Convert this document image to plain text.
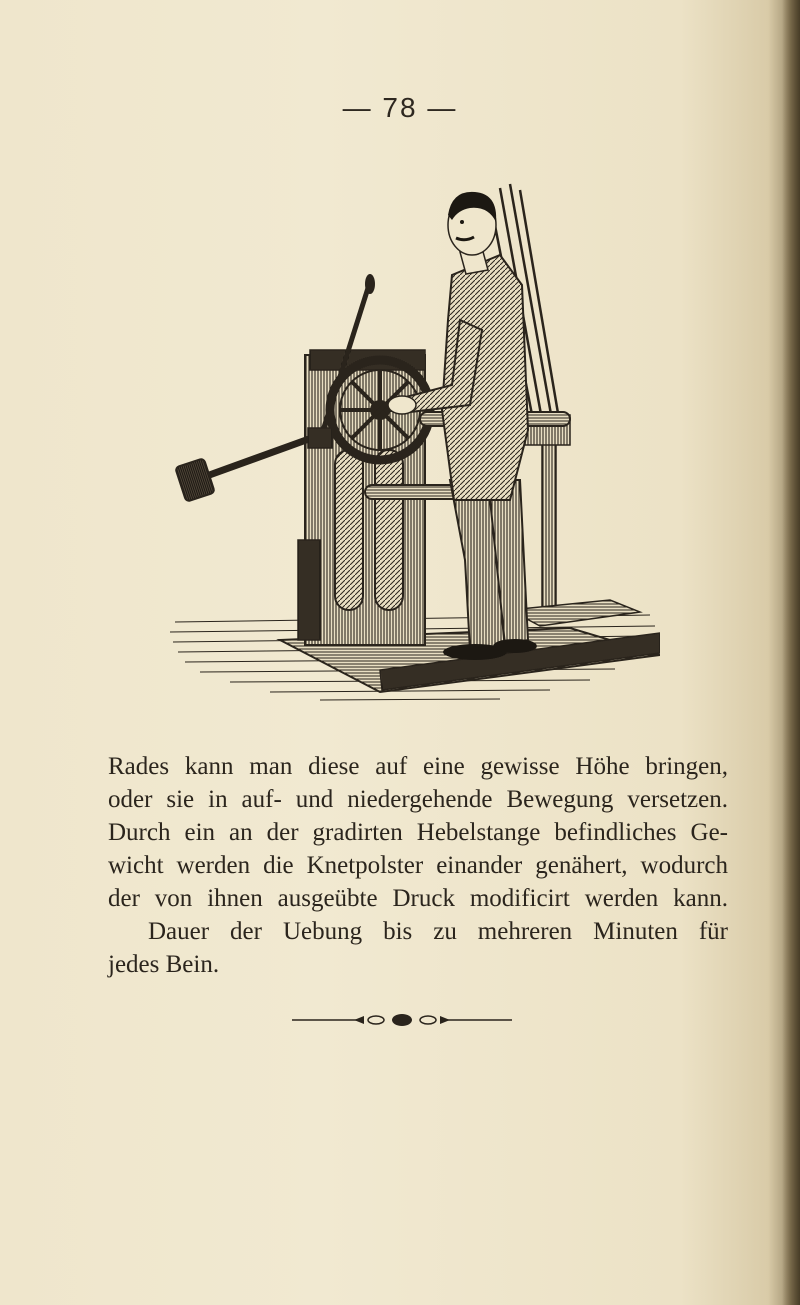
— 78 —
Rades kann man diese auf eine gewisse Höhe bringen,
oder sie in auf- und niedergehende Bewegung versetzen.
Durch ein an der gradirten Hebelstange befindliches Ge-
wicht werden die Knetpolster einander genähert, wodurch
der von ihnen ausgeübte Druck modificirt werden kann.
Dauer der Uebung bis zu mehreren Minuten für
jedes Bein.
